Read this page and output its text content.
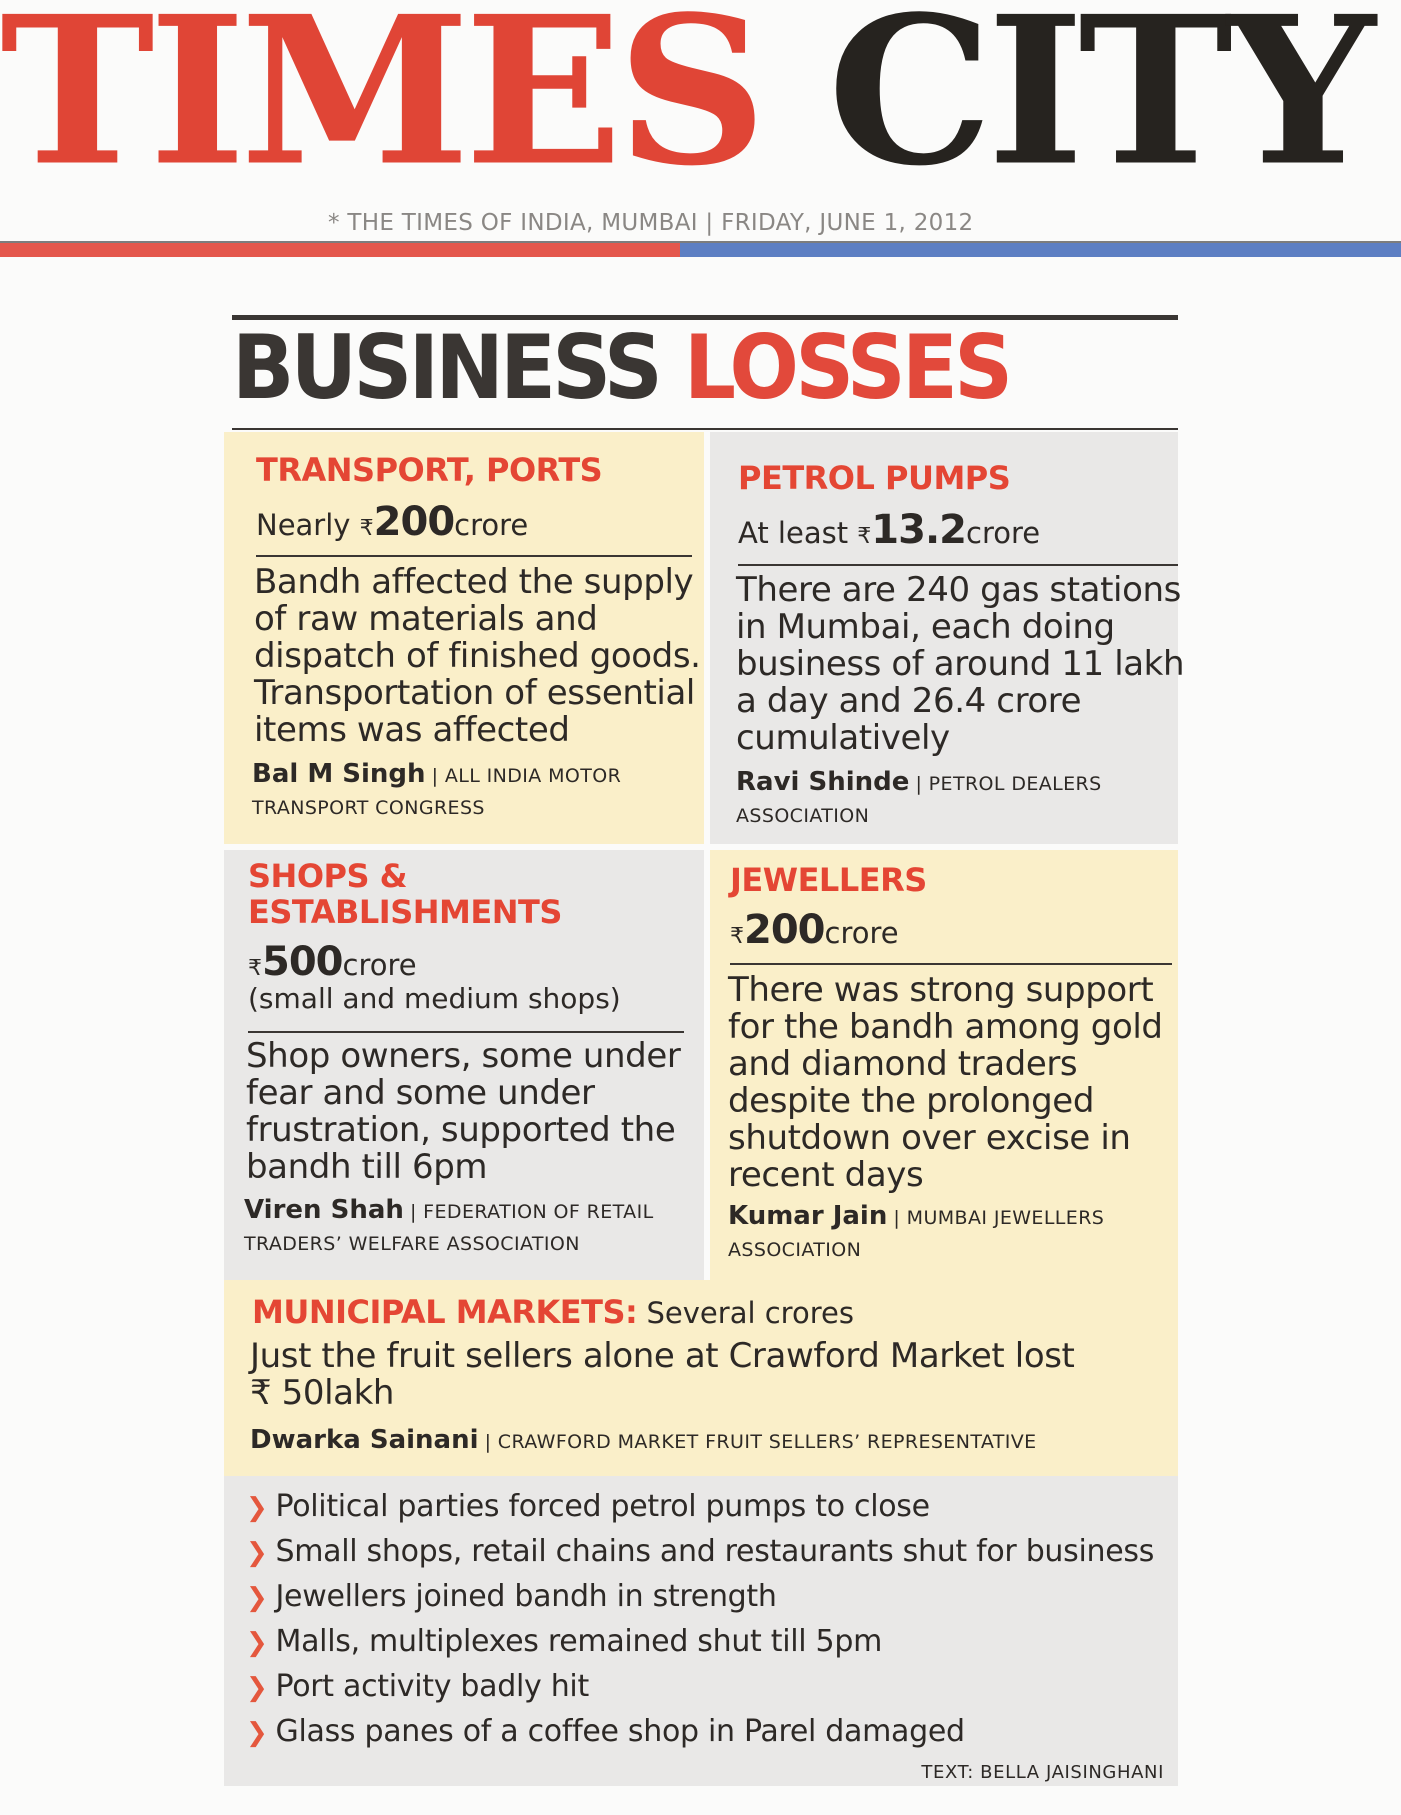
TIMES CITY
* THE TIMES OF INDIA, MUMBAI | FRIDAY, JUNE 1, 2012
BUSINESS LOSSES
TRANSPORT, PORTS
Nearly ₹200crore
Bandh affected the supply
of raw materials and
dispatch of finished goods.
Transportation of essential
items was affected
Bal M Singh | ALL INDIA MOTOR
TRANSPORT CONGRESS
PETROL PUMPS
At least ₹13.2crore
There are 240 gas stations
in Mumbai, each doing
business of around 11 lakh
a day and 26.4 crore
cumulatively
Ravi Shinde | PETROL DEALERS
ASSOCIATION
SHOPS &
ESTABLISHMENTS
₹500crore
(small and medium shops)
Shop owners, some under
fear and some under
frustration, supported the
bandh till 6pm
Viren Shah | FEDERATION OF RETAIL
TRADERS’ WELFARE ASSOCIATION
JEWELLERS
₹200crore
There was strong support
for the bandh among gold
and diamond traders
despite the prolonged
shutdown over excise in
recent days
Kumar Jain | MUMBAI JEWELLERS
ASSOCIATION
MUNICIPAL MARKETS: Several crores
Just the fruit sellers alone at Crawford Market lost
₹ 50lakh
Dwarka Sainani | CRAWFORD MARKET FRUIT SELLERS’ REPRESENTATIVE
❯ Political parties forced petrol pumps to close
❯ Small shops, retail chains and restaurants shut for business
❯ Jewellers joined bandh in strength
❯ Malls, multiplexes remained shut till 5pm
❯ Port activity badly hit
❯ Glass panes of a coffee shop in Parel damaged
TEXT: BELLA JAISINGHANI
